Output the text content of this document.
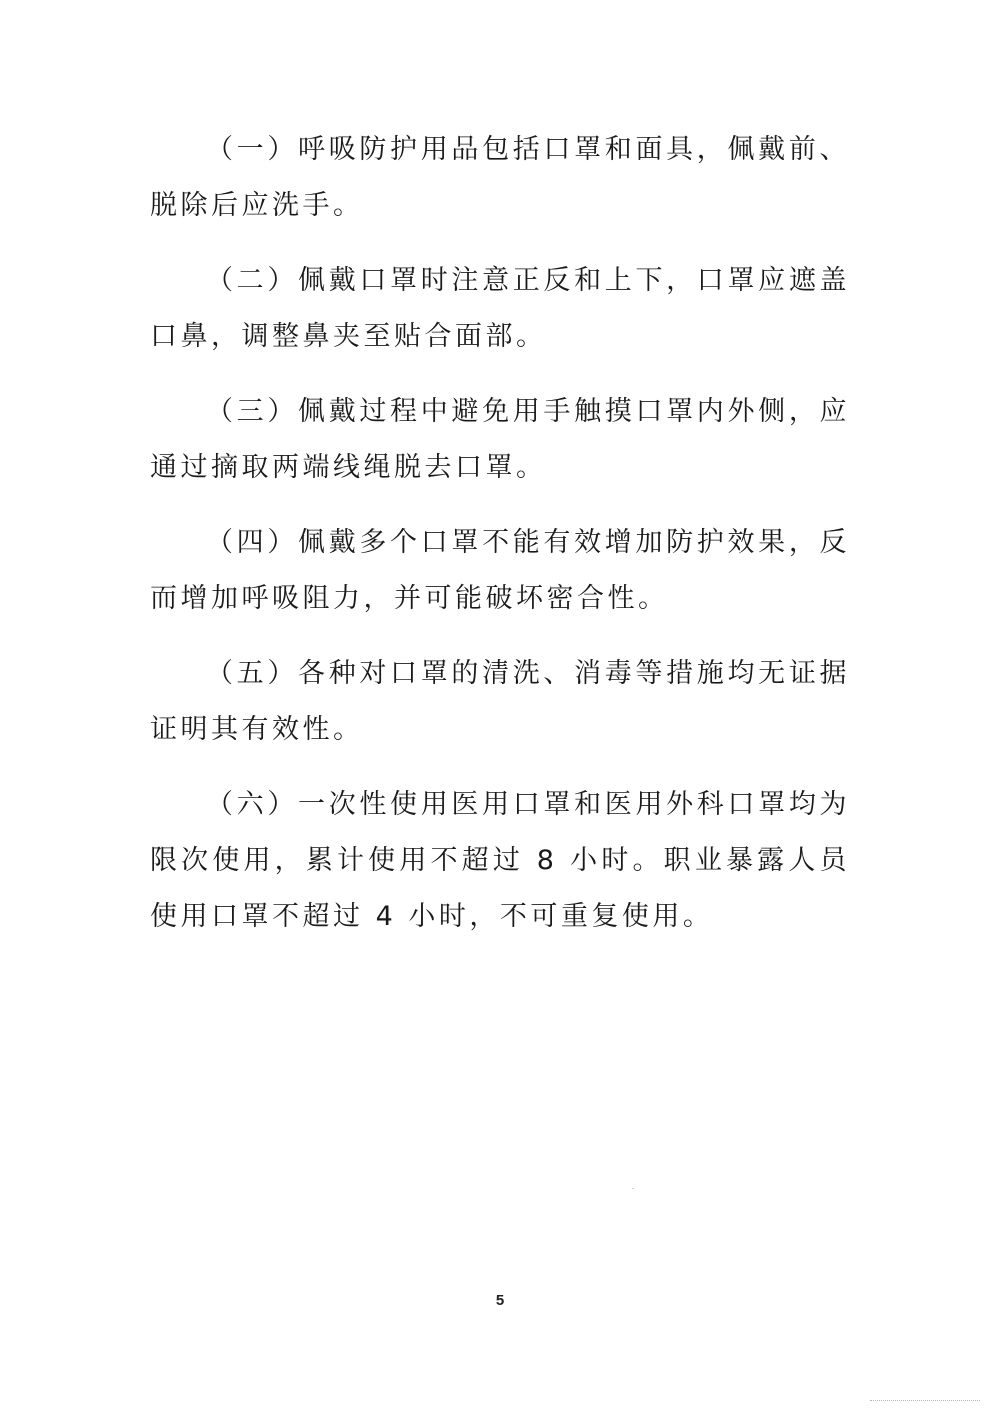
（一）呼吸防护用品包括口罩和面具，佩戴前、脱除后应洗手。

（二）佩戴口罩时注意正反和上下，口罩应遮盖口鼻，调整鼻夹至贴合面部。

（三）佩戴过程中避免用手触摸口罩内外侧，应通过摘取两端线绳脱去口罩。

（四）佩戴多个口罩不能有效增加防护效果，反而增加呼吸阻力，并可能破坏密合性。

（五）各种对口罩的清洗、消毒等措施均无证据证明其有效性。

（六）一次性使用医用口罩和医用外科口罩均为限次使用，累计使用不超过 8 小时。职业暴露人员使用口罩不超过 4 小时，不可重复使用。

5
